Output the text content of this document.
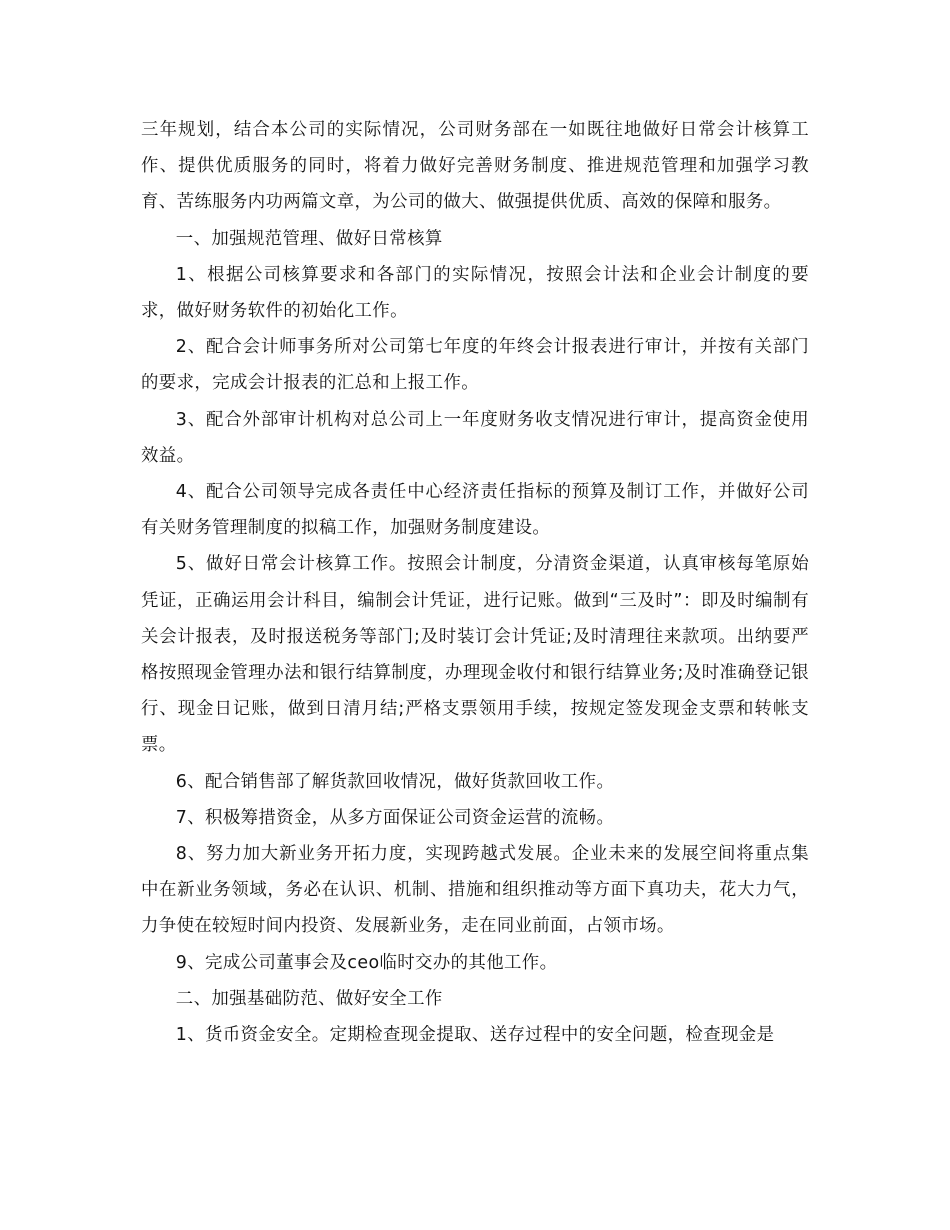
三年规划，结合本公司的实际情况，公司财务部在一如既往地做好日常会计核算工作、提供优质服务的同时，将着力做好完善财务制度、推进规范管理和加强学习教育、苦练服务内功两篇文章，为公司的做大、做强提供优质、高效的保障和服务。

一、加强规范管理、做好日常核算

1、根据公司核算要求和各部门的实际情况，按照会计法和企业会计制度的要求，做好财务软件的初始化工作。

2、配合会计师事务所对公司第七年度的年终会计报表进行审计，并按有关部门的要求，完成会计报表的汇总和上报工作。

3、配合外部审计机构对总公司上一年度财务收支情况进行审计，提高资金使用效益。

4、配合公司领导完成各责任中心经济责任指标的预算及制订工作，并做好公司有关财务管理制度的拟稿工作，加强财务制度建设。

5、做好日常会计核算工作。按照会计制度，分清资金渠道，认真审核每笔原始凭证，正确运用会计科目，编制会计凭证，进行记账。做到“三及时”：即及时编制有关会计报表，及时报送税务等部门;及时装订会计凭证;及时清理往来款项。出纳要严格按照现金管理办法和银行结算制度，办理现金收付和银行结算业务;及时准确登记银行、现金日记账，做到日清月结;严格支票领用手续，按规定签发现金支票和转帐支票。

6、配合销售部了解货款回收情况，做好货款回收工作。

7、积极筹措资金，从多方面保证公司资金运营的流畅。

8、努力加大新业务开拓力度，实现跨越式发展。企业未来的发展空间将重点集中在新业务领域，务必在认识、机制、措施和组织推动等方面下真功夫，花大力气，力争使在较短时间内投资、发展新业务，走在同业前面，占领市场。

9、完成公司董事会及ceo临时交办的其他工作。

二、加强基础防范、做好安全工作

1、货币资金安全。定期检查现金提取、送存过程中的安全问题，检查现金是
